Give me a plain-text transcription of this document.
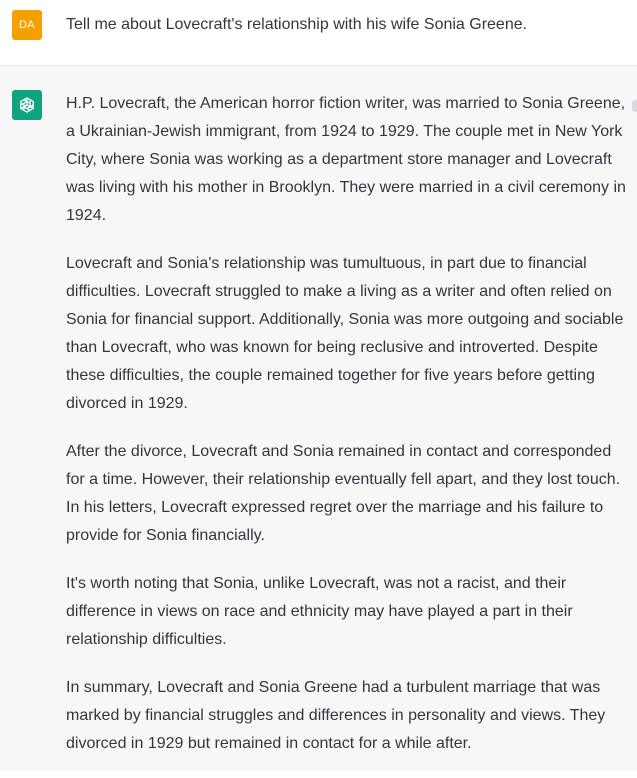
DA	Tell me about Lovecraft's relationship with his wife Sonia Greene.

H.P. Lovecraft, the American horror fiction writer, was married to Sonia Greene, a Ukrainian-Jewish immigrant, from 1924 to 1929. The couple met in New York City, where Sonia was working as a department store manager and Lovecraft was living with his mother in Brooklyn. They were married in a civil ceremony in 1924.

Lovecraft and Sonia's relationship was tumultuous, in part due to financial difficulties. Lovecraft struggled to make a living as a writer and often relied on Sonia for financial support. Additionally, Sonia was more outgoing and sociable than Lovecraft, who was known for being reclusive and introverted. Despite these difficulties, the couple remained together for five years before getting divorced in 1929.

After the divorce, Lovecraft and Sonia remained in contact and corresponded for a time. However, their relationship eventually fell apart, and they lost touch. In his letters, Lovecraft expressed regret over the marriage and his failure to provide for Sonia financially.

It's worth noting that Sonia, unlike Lovecraft, was not a racist, and their difference in views on race and ethnicity may have played a part in their relationship difficulties.

In summary, Lovecraft and Sonia Greene had a turbulent marriage that was marked by financial struggles and differences in personality and views. They divorced in 1929 but remained in contact for a while after.
